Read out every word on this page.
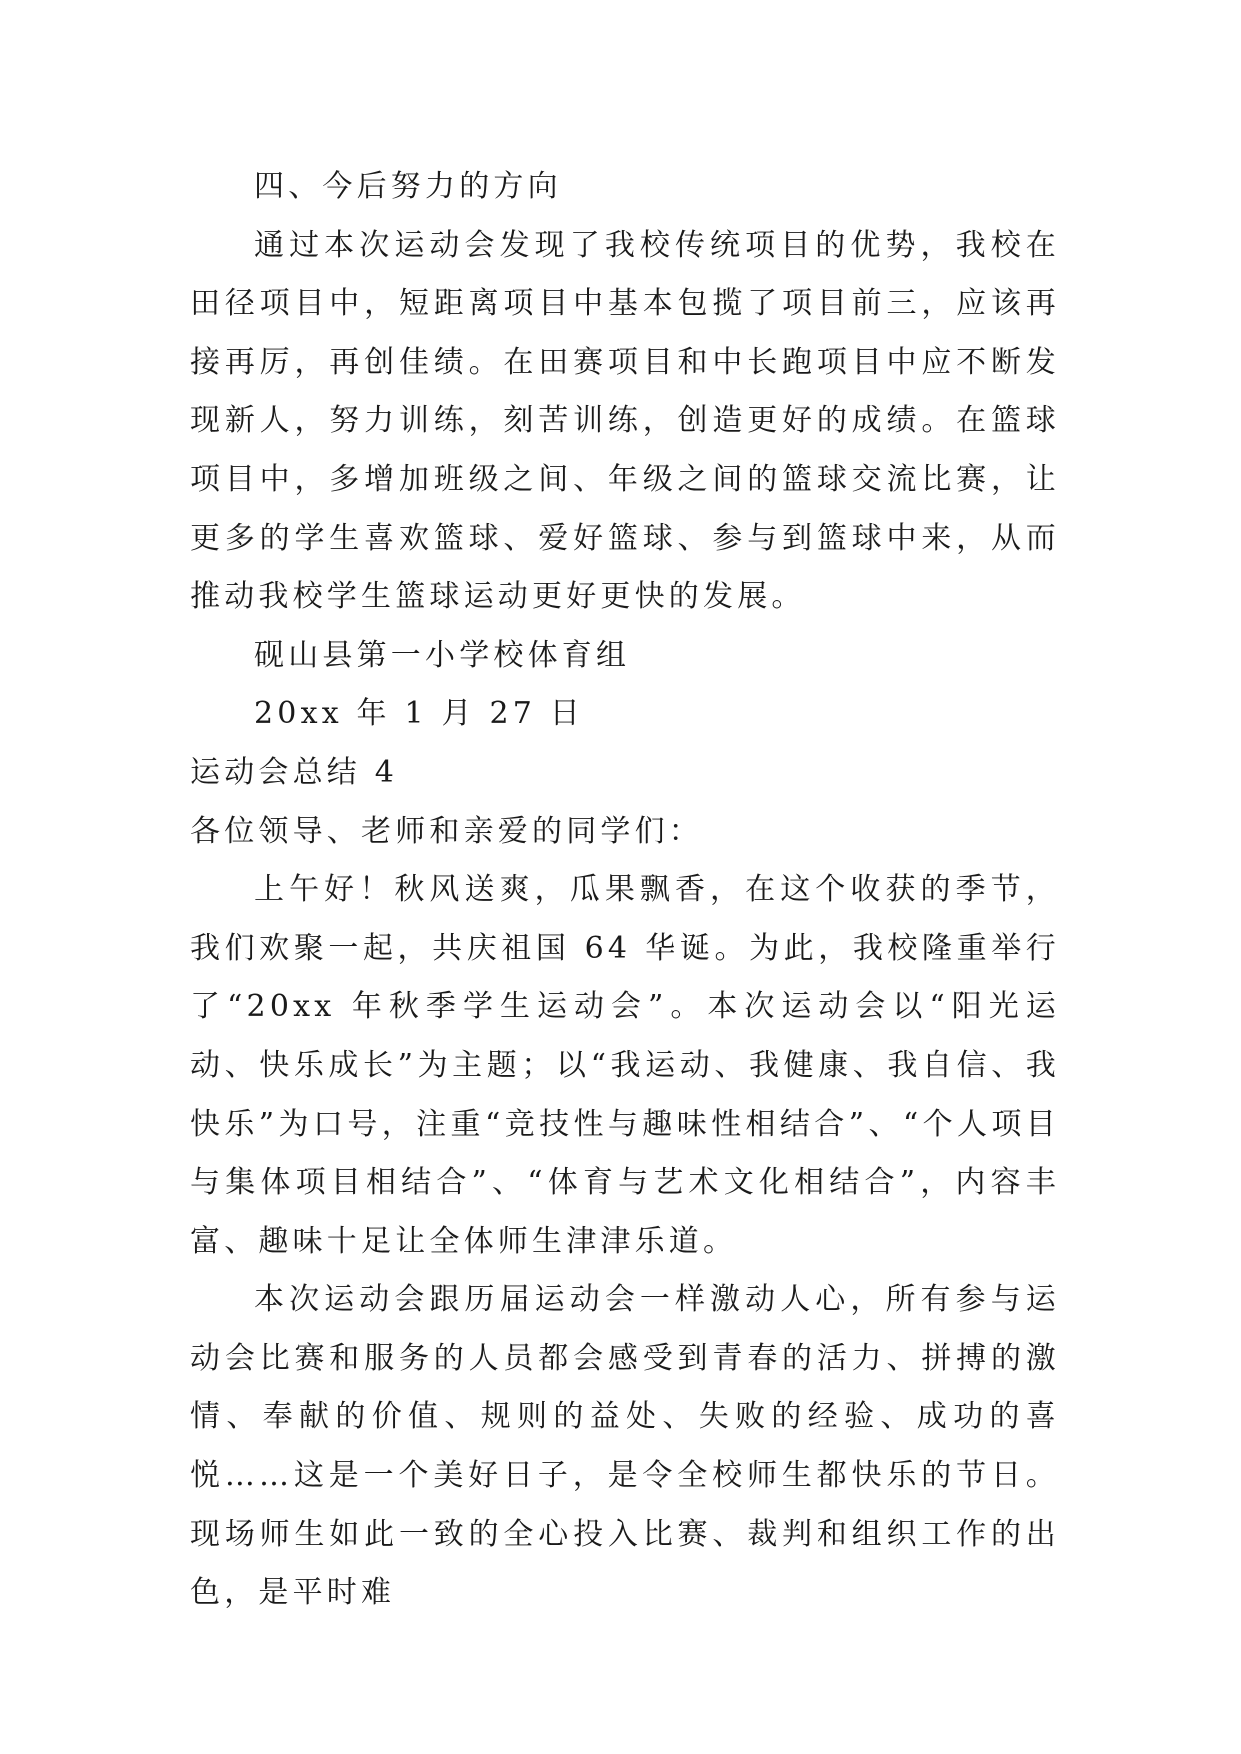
四、今后努力的方向

通过本次运动会发现了我校传统项目的优势，我校在田径项目中，短距离项目中基本包揽了项目前三，应该再接再厉，再创佳绩。在田赛项目和中长跑项目中应不断发现新人，努力训练，刻苦训练，创造更好的成绩。在篮球项目中，多增加班级之间、年级之间的篮球交流比赛，让更多的学生喜欢篮球、爱好篮球、参与到篮球中来，从而推动我校学生篮球运动更好更快的发展。

砚山县第一小学校体育组

20xx 年 1 月 27 日

运动会总结 4

各位领导、老师和亲爱的同学们：

上午好！秋风送爽，瓜果飘香，在这个收获的季节，我们欢聚一起，共庆祖国 64 华诞。为此，我校隆重举行了“20xx 年秋季学生运动会”。本次运动会以“阳光运动、快乐成长”为主题；以“我运动、我健康、我自信、我快乐”为口号，注重“竞技性与趣味性相结合”、“个人项目与集体项目相结合”、“体育与艺术文化相结合”，内容丰富、趣味十足让全体师生津津乐道。

本次运动会跟历届运动会一样激动人心，所有参与运动会比赛和服务的人员都会感受到青春的活力、拼搏的激情、奉献的价值、规则的益处、失败的经验、成功的喜悦……这是一个美好日子，是令全校师生都快乐的节日。现场师生如此一致的全心投入比赛、裁判和组织工作的出色，是平时难
